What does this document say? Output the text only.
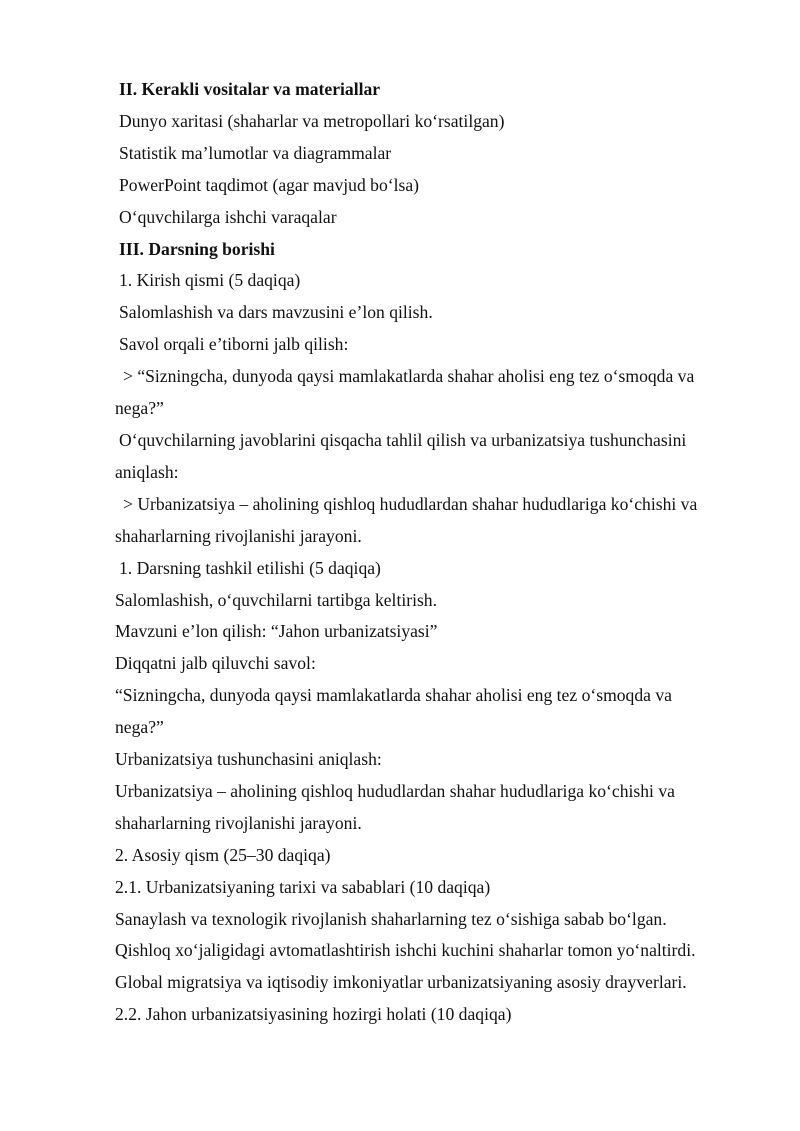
II. Kerakli vositalar va materiallar
Dunyo xaritasi (shaharlar va metropollari ko‘rsatilgan)
Statistik ma’lumotlar va diagrammalar
PowerPoint taqdimot (agar mavjud bo‘lsa)
O‘quvchilarga ishchi varaqalar
III. Darsning borishi
1. Kirish qismi (5 daqiqa)
Salomlashish va dars mavzusini e’lon qilish.
Savol orqali e’tiborni jalb qilish:
> “Sizningcha, dunyoda qaysi mamlakatlarda shahar aholisi eng tez o‘smoqda va
nega?”
O‘quvchilarning javoblarini qisqacha tahlil qilish va urbanizatsiya tushunchasini
aniqlash:
> Urbanizatsiya – aholining qishloq hududlardan shahar hududlariga ko‘chishi va
shaharlarning rivojlanishi jarayoni.
1. Darsning tashkil etilishi (5 daqiqa)
Salomlashish, o‘quvchilarni tartibga keltirish.
Mavzuni e’lon qilish: “Jahon urbanizatsiyasi”
Diqqatni jalb qiluvchi savol:
“Sizningcha, dunyoda qaysi mamlakatlarda shahar aholisi eng tez o‘smoqda va
nega?”
Urbanizatsiya tushunchasini aniqlash:
Urbanizatsiya – aholining qishloq hududlardan shahar hududlariga ko‘chishi va
shaharlarning rivojlanishi jarayoni.
2. Asosiy qism (25–30 daqiqa)
2.1. Urbanizatsiyaning tarixi va sabablari (10 daqiqa)
Sanaylash va texnologik rivojlanish shaharlarning tez o‘sishiga sabab bo‘lgan.
Qishloq xo‘jaligidagi avtomatlashtirish ishchi kuchini shaharlar tomon yo‘naltirdi.
Global migratsiya va iqtisodiy imkoniyatlar urbanizatsiyaning asosiy drayverlari.
2.2. Jahon urbanizatsiyasining hozirgi holati (10 daqiqa)
